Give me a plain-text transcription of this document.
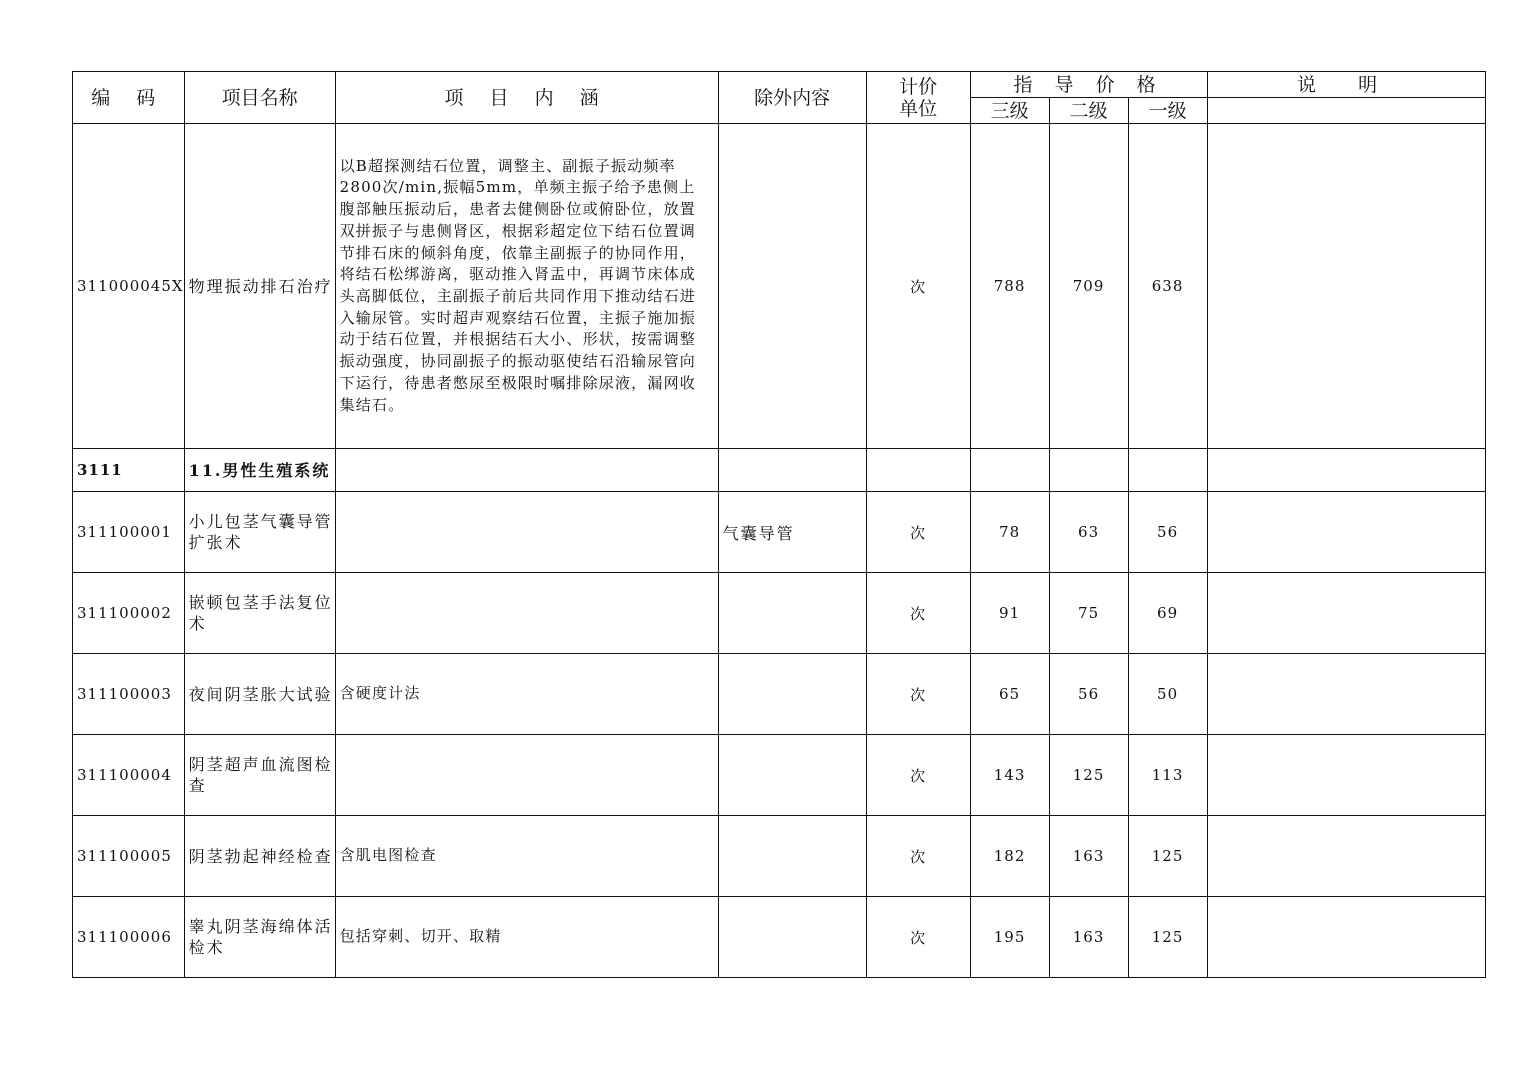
编 码	项目名称	项 目 内 涵	除外内容	计价
单位	指 导 价 格			说 明
					三级	二级	一级	
311000045X	物理振动排石治疗	以B超探测结石位置，调整主、副振子振动频率2800次/min,振幅5mm，单频主振子给予患侧上腹部触压振动后，患者去健侧卧位或俯卧位，放置双拼振子与患侧肾区，根据彩超定位下结石位置调节排石床的倾斜角度，依靠主副振子的协同作用，将结石松绑游离，驱动推入肾盂中，再调节床体成头高脚低位，主副振子前后共同作用下推动结石进入输尿管。实时超声观察结石位置，主振子施加振动于结石位置，并根据结石大小、形状，按需调整振动强度，协同副振子的振动驱使结石沿输尿管向下运行，待患者憋尿至极限时嘱排除尿液，漏网收集结石。		次	788	709	638	
3111	11.男性生殖系统							
311100001	小儿包茎气囊导管扩张术		气囊导管	次	78	63	56	
311100002	嵌顿包茎手法复位术			次	91	75	69	
311100003	夜间阴茎胀大试验	含硬度计法		次	65	56	50	
311100004	阴茎超声血流图检查			次	143	125	113	
311100005	阴茎勃起神经检查	含肌电图检查		次	182	163	125	
311100006	睾丸阴茎海绵体活检术	包括穿刺、切开、取精		次	195	163	125	
